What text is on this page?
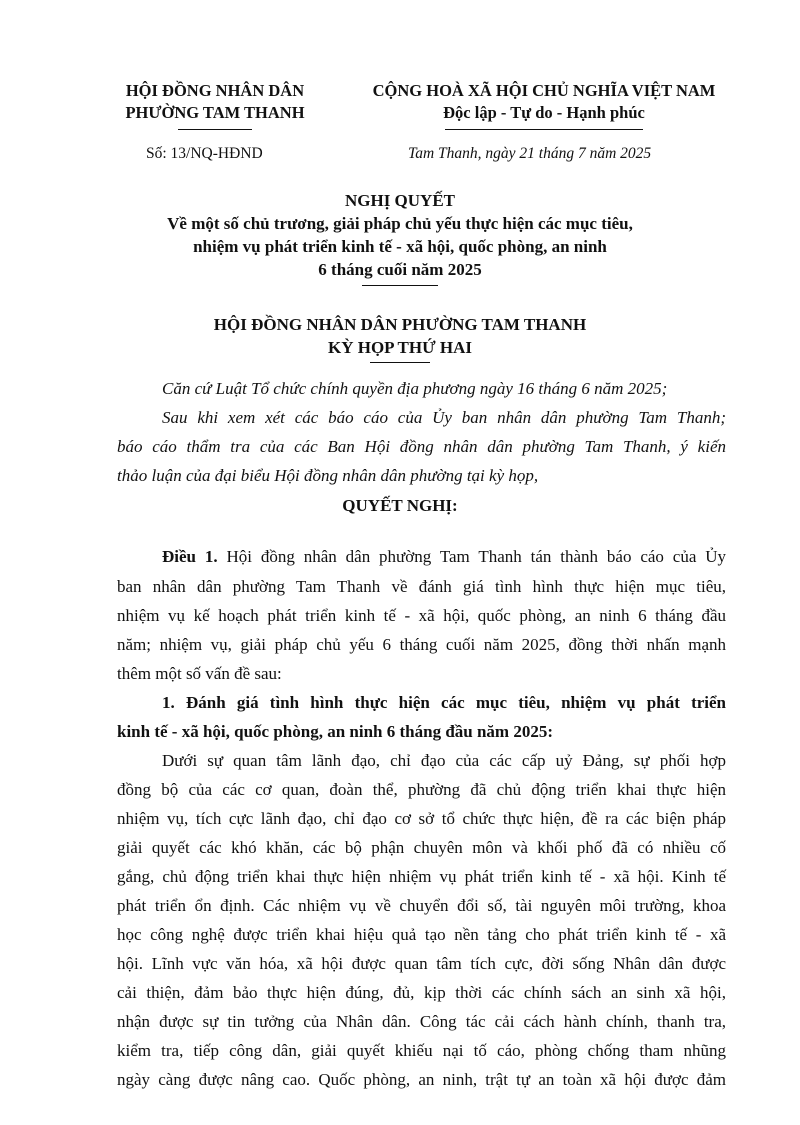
HỘI ĐỒNG NHÂN DÂN
PHƯỜNG TAM THANH
CỘNG HOÀ XÃ HỘI CHỦ NGHĨA VIỆT NAM
Độc lập - Tự do - Hạnh phúc
Số: 13/NQ-HĐND	Tam Thanh, ngày 21 tháng 7 năm 2025
NGHỊ QUYẾT
Về một số chủ trương, giải pháp chủ yếu thực hiện các mục tiêu,
nhiệm vụ phát triển kinh tế - xã hội, quốc phòng, an ninh
6 tháng cuối năm 2025
HỘI ĐỒNG NHÂN DÂN PHƯỜNG TAM THANH
KỲ HỌP THỨ HAI
Căn cứ Luật Tổ chức chính quyền địa phương ngày 16 tháng 6 năm 2025;
Sau khi xem xét các báo cáo của Ủy ban nhân dân phường Tam Thanh;
báo cáo thẩm tra của các Ban Hội đồng nhân dân phường Tam Thanh, ý kiến
thảo luận của đại biểu Hội đồng nhân dân phường tại kỳ họp,
QUYẾT NGHỊ:
Điều 1. Hội đồng nhân dân phường Tam Thanh tán thành báo cáo của Ủy
ban nhân dân phường Tam Thanh về đánh giá tình hình thực hiện mục tiêu,
nhiệm vụ kế hoạch phát triển kinh tế - xã hội, quốc phòng, an ninh 6 tháng đầu
năm; nhiệm vụ, giải pháp chủ yếu 6 tháng cuối năm 2025, đồng thời nhấn mạnh
thêm một số vấn đề sau:
1. Đánh giá tình hình thực hiện các mục tiêu, nhiệm vụ phát triển
kinh tế - xã hội, quốc phòng, an ninh 6 tháng đầu năm 2025:
Dưới sự quan tâm lãnh đạo, chỉ đạo của các cấp uỷ Đảng, sự phối hợp
đồng bộ của các cơ quan, đoàn thể, phường đã chủ động triển khai thực hiện
nhiệm vụ, tích cực lãnh đạo, chỉ đạo cơ sở tổ chức thực hiện, đề ra các biện pháp
giải quyết các khó khăn, các bộ phận chuyên môn và khối phố đã có nhiều cố
gắng, chủ động triển khai thực hiện nhiệm vụ phát triển kinh tế - xã hội. Kinh tế
phát triển ổn định. Các nhiệm vụ về chuyển đổi số, tài nguyên môi trường, khoa
học công nghệ được triển khai hiệu quả tạo nền tảng cho phát triển kinh tế - xã
hội. Lĩnh vực văn hóa, xã hội được quan tâm tích cực, đời sống Nhân dân được
cải thiện, đảm bảo thực hiện đúng, đủ, kịp thời các chính sách an sinh xã hội,
nhận được sự tin tưởng của Nhân dân. Công tác cải cách hành chính, thanh tra,
kiểm tra, tiếp công dân, giải quyết khiếu nại tố cáo, phòng chống tham nhũng
ngày càng được nâng cao. Quốc phòng, an ninh, trật tự an toàn xã hội được đảm
